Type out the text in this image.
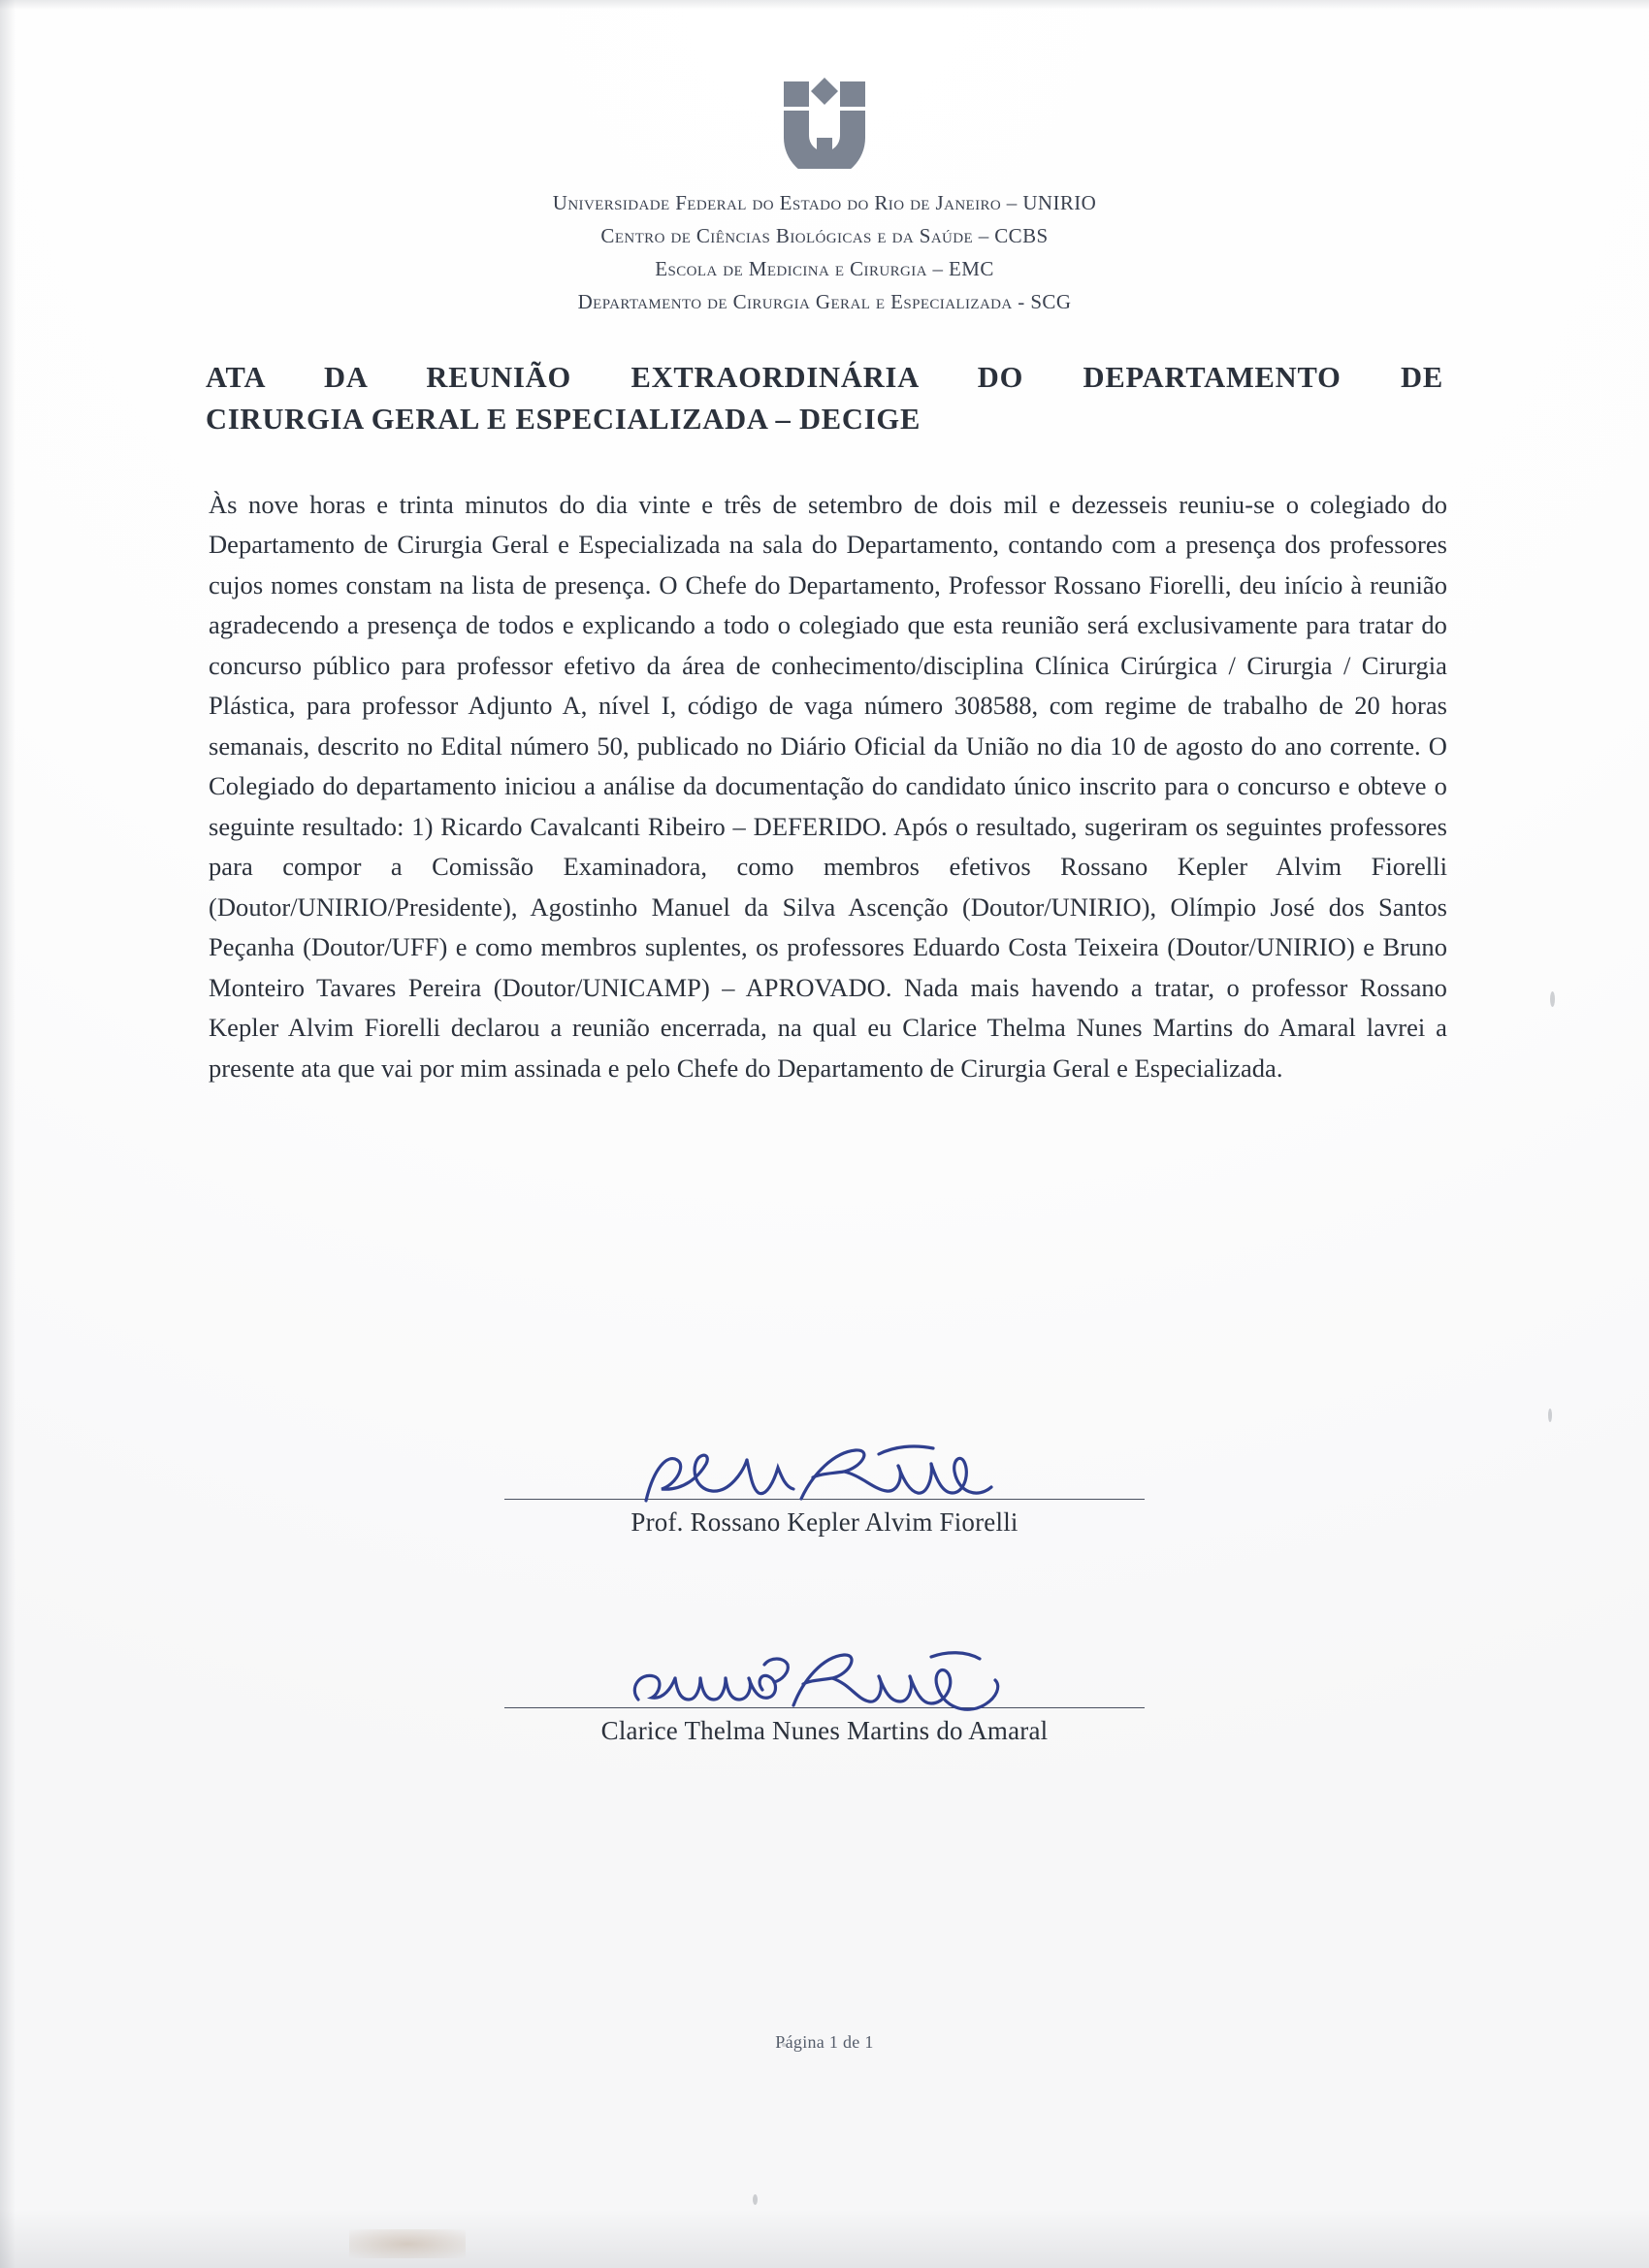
Universidade Federal do Estado do Rio de Janeiro – UNIRIO
Centro de Ciências Biológicas e da Saúde – CCBS
Escola de Medicina e Cirurgia – EMC
Departamento de Cirurgia Geral e Especializada - SCG
ATA DA REUNIÃO EXTRAORDINÁRIA DO DEPARTAMENTO DE
CIRURGIA GERAL E ESPECIALIZADA – DECIGE
Às nove horas e trinta minutos do dia vinte e três de setembro de dois mil e dezesseis reuniu-se o colegiado do Departamento de Cirurgia Geral e Especializada na sala do Departamento, contando com a presença dos professores cujos nomes constam na lista de presença. O Chefe do Departamento, Professor Rossano Fiorelli, deu início à reunião agradecendo a presença de todos e explicando a todo o colegiado que esta reunião será exclusivamente para tratar do concurso público para professor efetivo da área de conhecimento/disciplina Clínica Cirúrgica / Cirurgia / Cirurgia Plástica, para professor Adjunto A, nível I, código de vaga número 308588, com regime de trabalho de 20 horas semanais, descrito no Edital número 50, publicado no Diário Oficial da União no dia 10 de agosto do ano corrente. O Colegiado do departamento iniciou a análise da documentação do candidato único inscrito para o concurso e obteve o seguinte resultado: 1) Ricardo Cavalcanti Ribeiro – DEFERIDO. Após o resultado, sugeriram os seguintes professores para compor a Comissão Examinadora, como membros efetivos Rossano Kepler Alvim Fiorelli (Doutor/UNIRIO/Presidente), Agostinho Manuel da Silva Ascenção (Doutor/UNIRIO), Olímpio José dos Santos Peçanha (Doutor/UFF) e como membros suplentes, os professores Eduardo Costa Teixeira (Doutor/UNIRIO) e Bruno Monteiro Tavares Pereira (Doutor/UNICAMP) – APROVADO. Nada mais havendo a tratar, o professor Rossano Kepler Alvim Fiorelli declarou a reunião encerrada, na qual eu Clarice Thelma Nunes Martins do Amaral lavrei a presente ata que vai por mim assinada e pelo Chefe do Departamento de Cirurgia Geral e Especializada.
Prof. Rossano Kepler Alvim Fiorelli
Clarice Thelma Nunes Martins do Amaral
Página 1 de 1
